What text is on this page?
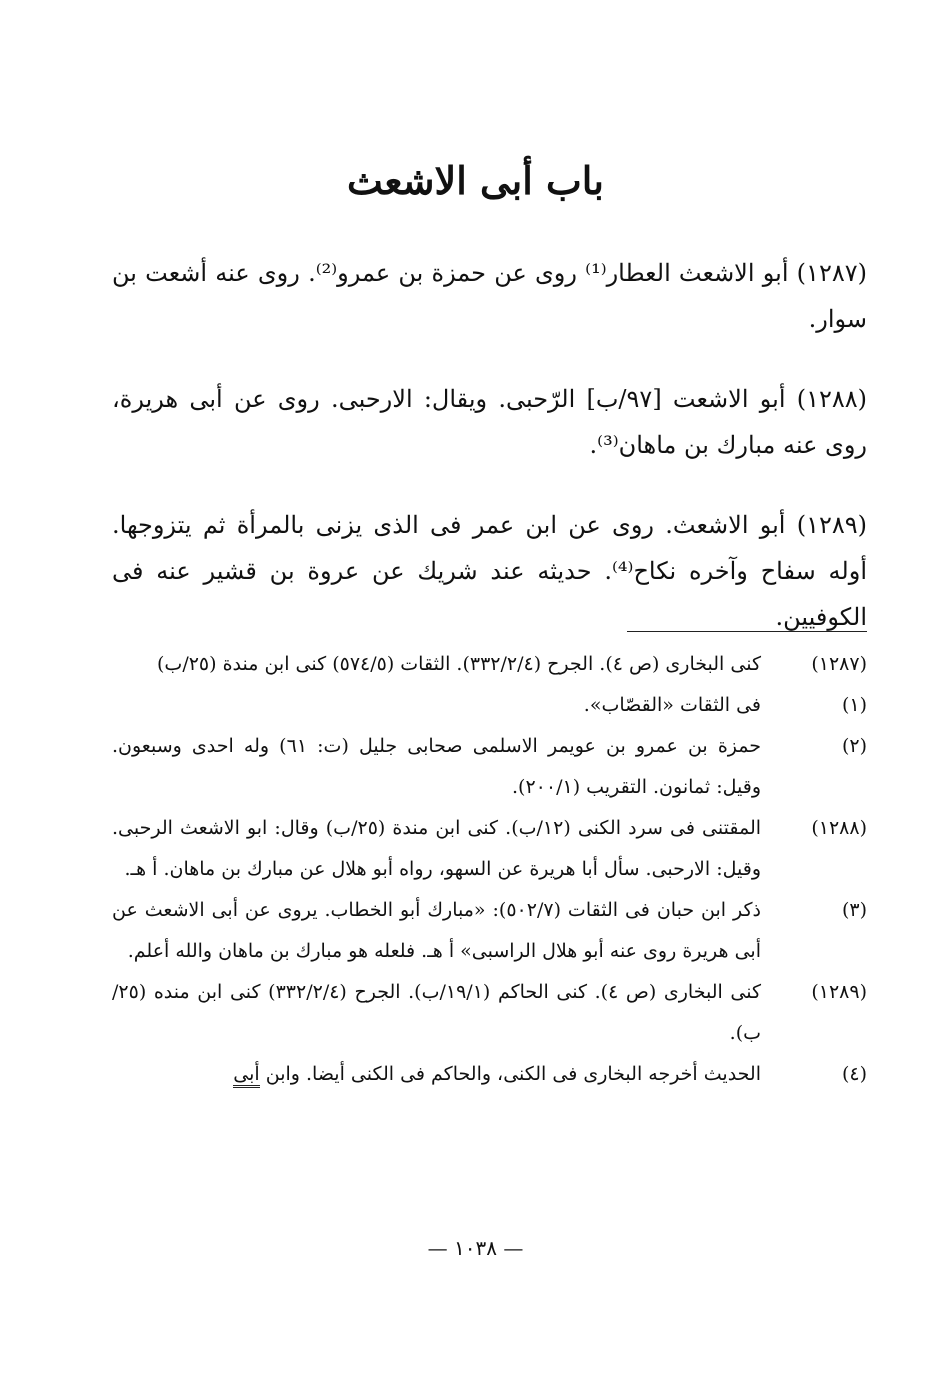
باب أبى الاشعث

(١٢٨٧) أبو الاشعث العطار⁽¹⁾ روى عن حمزة بن عمرو⁽²⁾. روى عنه أشعت بن سوار.

(١٢٨٨) أبو الاشعت [٩٧/ب] الرّحبى. ويقال: الارحبى. روى عن أبى هريرة، روى عنه مبارك بن ماهان⁽³⁾.

(١٢٨٩) أبو الاشعث. روى عن ابن عمر فى الذى يزنى بالمرأة ثم يتزوجها. أوله سفاح وآخره نكاح⁽⁴⁾. حديثه عند شريك عن عروة بن قشير عنه فى الكوفيين.

(١٢٨٧)
كنى البخارى (ص ٤). الجرح (٣٣٢/٢/٤). الثقات (٥٧٤/٥) كنى ابن مندة (٢٥/ب)
(١)
فى الثقات «القصّاب».
(٢)
حمزة بن عمرو بن عويمر الاسلمى صحابى جليل (ت: ٦١) وله احدى وسبعون. وقيل: ثمانون. التقريب (٢٠٠/١).
(١٢٨٨)
المقتنى فى سرد الكنى (١٢/ب). كنى ابن مندة (٢٥/ب) وقال: ابو الاشعث الرحبى. وقيل: الارحبى. سأل أبا هريرة عن السهو، رواه أبو هلال عن مبارك بن ماهان. أ هـ.
(٣)
ذكر ابن حبان فى الثقات (٥٠٢/٧): «مبارك أبو الخطاب. يروى عن أبى الاشعث عن أبى هريرة روى عنه أبو هلال الراسبى» أ هـ. فلعله هو مبارك بن ماهان والله أعلم.
(١٢٨٩)
كنى البخارى (ص ٤). كنى الحاكم (١٩/١/ب). الجرح (٣٣٢/٢/٤) كنى ابن منده (٢٥/ب).
(٤)
الحديث أخرجه البخارى فى الكنى، والحاكم فى الكنى أيضا. وابن أبى
— ١٠٣٨ —
